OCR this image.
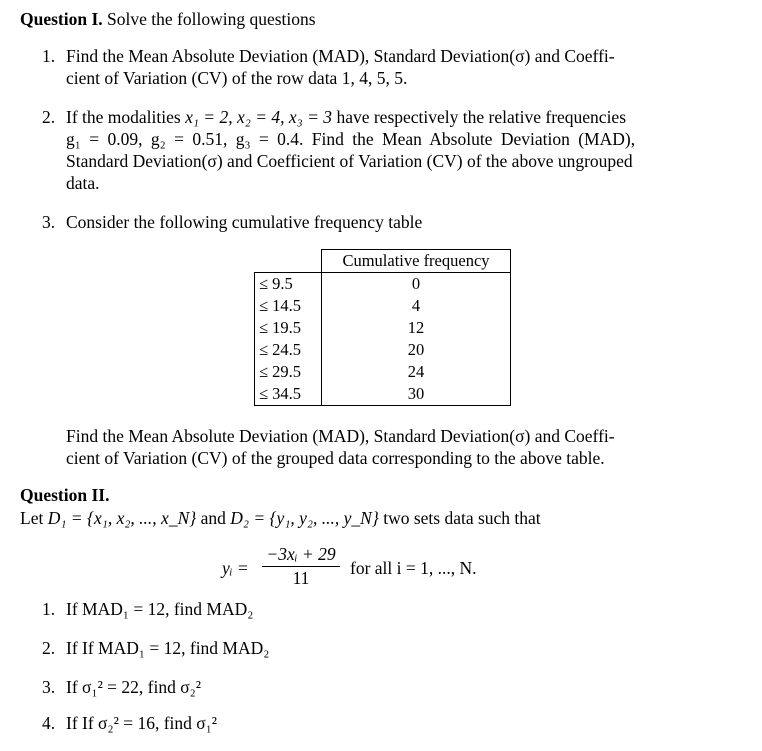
Question I. Solve the following questions
1. Find the Mean Absolute Deviation (MAD), Standard Deviation(σ) and Coeffi-
cient of Variation (CV) of the row data 1, 4, 5, 5.
2. If the modalities x₁ = 2, x₂ = 4, x₃ = 3 have respectively the relative frequencies
g₁ = 0.09, g₂ = 0.51, g₃ = 0.4. Find the Mean Absolute Deviation (MAD),
Standard Deviation(σ) and Coefficient of Variation (CV) of the above ungrouped
data.
3. Consider the following cumulative frequency table
	Cumulative frequency
≤ 9.5	0
≤ 14.5	4
≤ 19.5	12
≤ 24.5	20
≤ 29.5	24
≤ 34.5	30
Find the Mean Absolute Deviation (MAD), Standard Deviation(σ) and Coeffi-
cient of Variation (CV) of the grouped data corresponding to the above table.
Question II.
Let D₁ = {x₁, x₂, ..., x_N} and D₂ = {y₁, y₂, ..., y_N} two sets data such that
yᵢ =
−3xᵢ + 29
11	for all i = 1, ..., N.
1. If MAD₁ = 12, find MAD₂
2. If If MAD₁ = 12, find MAD₂
3. If σ₁² = 22, find σ₂²
4. If If σ₂² = 16, find σ₁²
